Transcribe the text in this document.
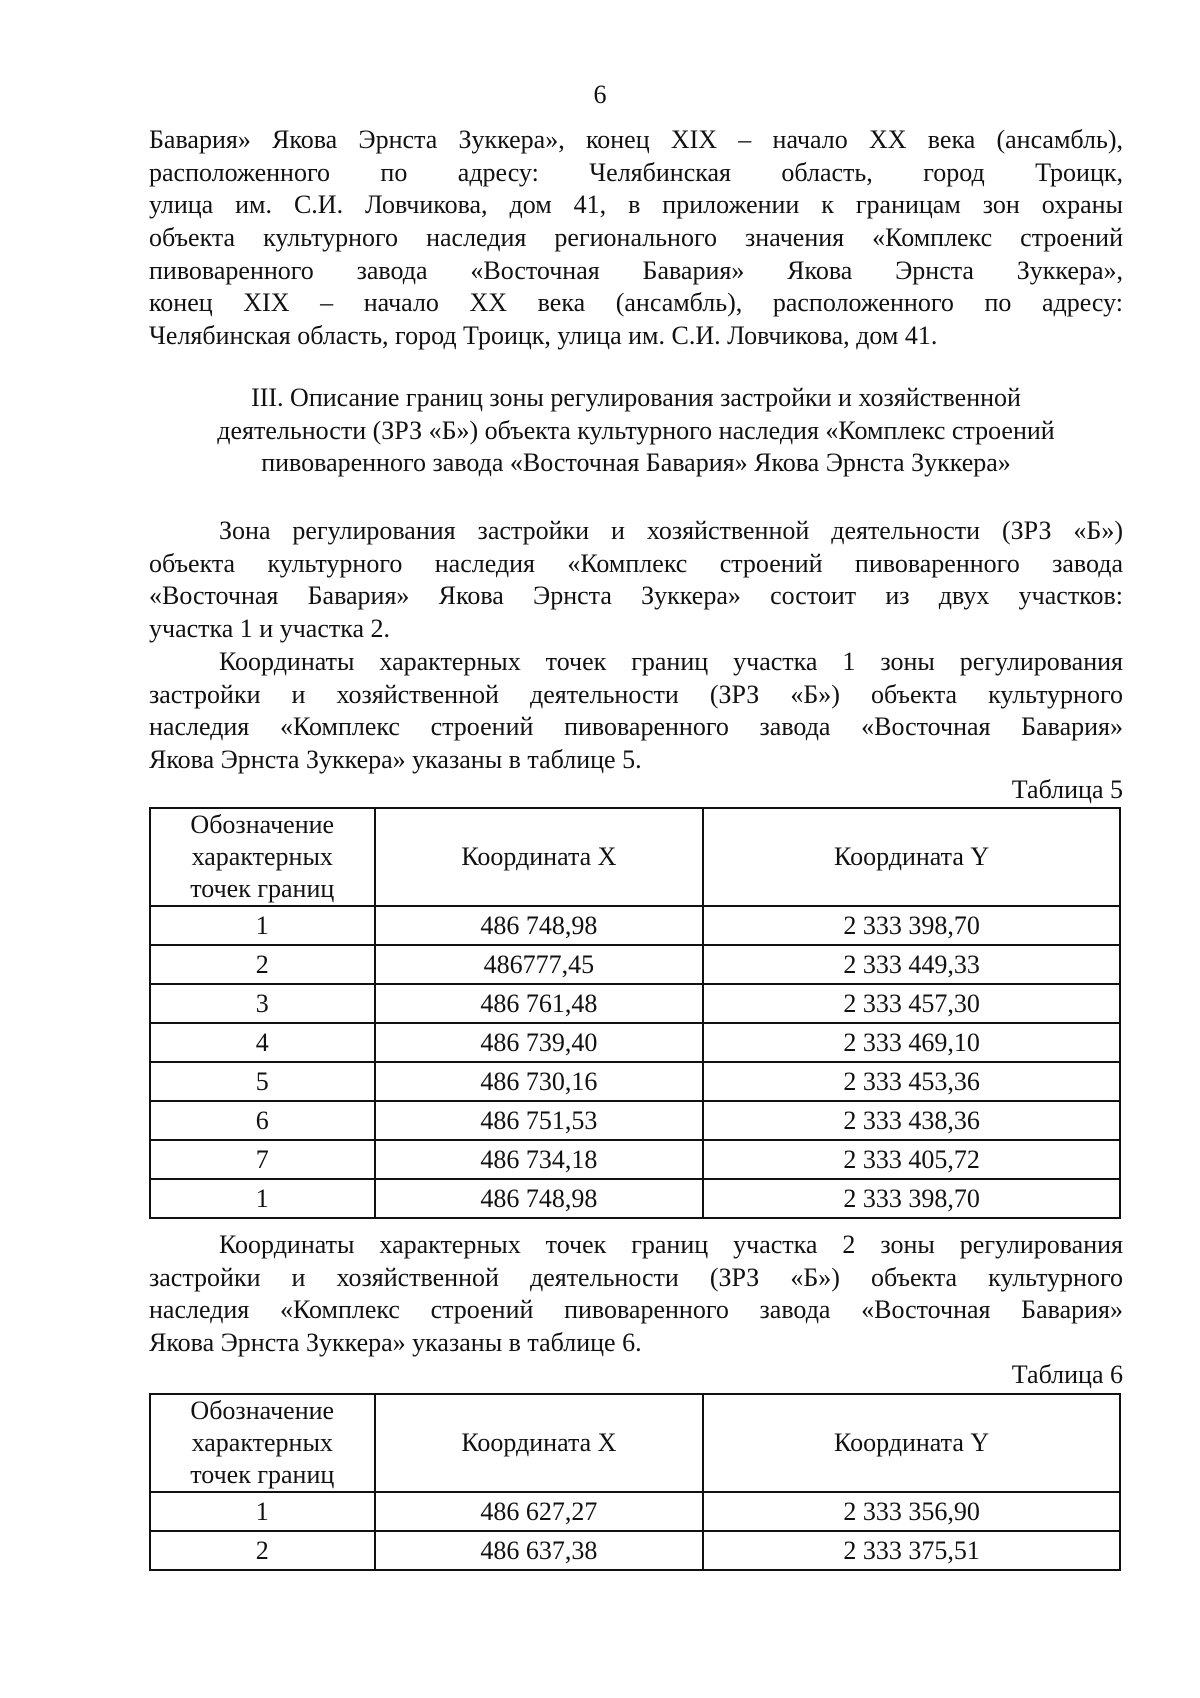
6
Бавария» Якова Эрнста Зуккера», конец XIX – начало XX века (ансамбль),
расположенного по адресу: Челябинская область, город Троицк,
улица им. С.И. Ловчикова, дом 41, в приложении к границам зон охраны
объекта культурного наследия регионального значения «Комплекс строений
пивоваренного завода «Восточная Бавария» Якова Эрнста Зуккера»,
конец XIX – начало XX века (ансамбль), расположенного по адресу:
Челябинская область, город Троицк, улица им. С.И. Ловчикова, дом 41.
III. Описание границ зоны регулирования застройки и хозяйственной
деятельности (ЗРЗ «Б») объекта культурного наследия «Комплекс строений
пивоваренного завода «Восточная Бавария» Якова Эрнста Зуккера»
Зона регулирования застройки и хозяйственной деятельности (ЗРЗ «Б»)
объекта культурного наследия «Комплекс строений пивоваренного завода
«Восточная Бавария» Якова Эрнста Зуккера» состоит из двух участков:
участка 1 и участка 2.
Координаты характерных точек границ участка 1 зоны регулирования
застройки и хозяйственной деятельности (ЗРЗ «Б») объекта культурного
наследия «Комплекс строений пивоваренного завода «Восточная Бавария»
Якова Эрнста Зуккера» указаны в таблице 5.
Таблица 5
Обозначение характерных точек границ	Координата X	Координата Y
1	486 748,98	2 333 398,70
2	486777,45	2 333 449,33
3	486 761,48	2 333 457,30
4	486 739,40	2 333 469,10
5	486 730,16	2 333 453,36
6	486 751,53	2 333 438,36
7	486 734,18	2 333 405,72
1	486 748,98	2 333 398,70
Координаты характерных точек границ участка 2 зоны регулирования
застройки и хозяйственной деятельности (ЗРЗ «Б») объекта культурного
наследия «Комплекс строений пивоваренного завода «Восточная Бавария»
Якова Эрнста Зуккера» указаны в таблице 6.
Таблица 6
Обозначение характерных точек границ	Координата X	Координата Y
1	486 627,27	2 333 356,90
2	486 637,38	2 333 375,51
